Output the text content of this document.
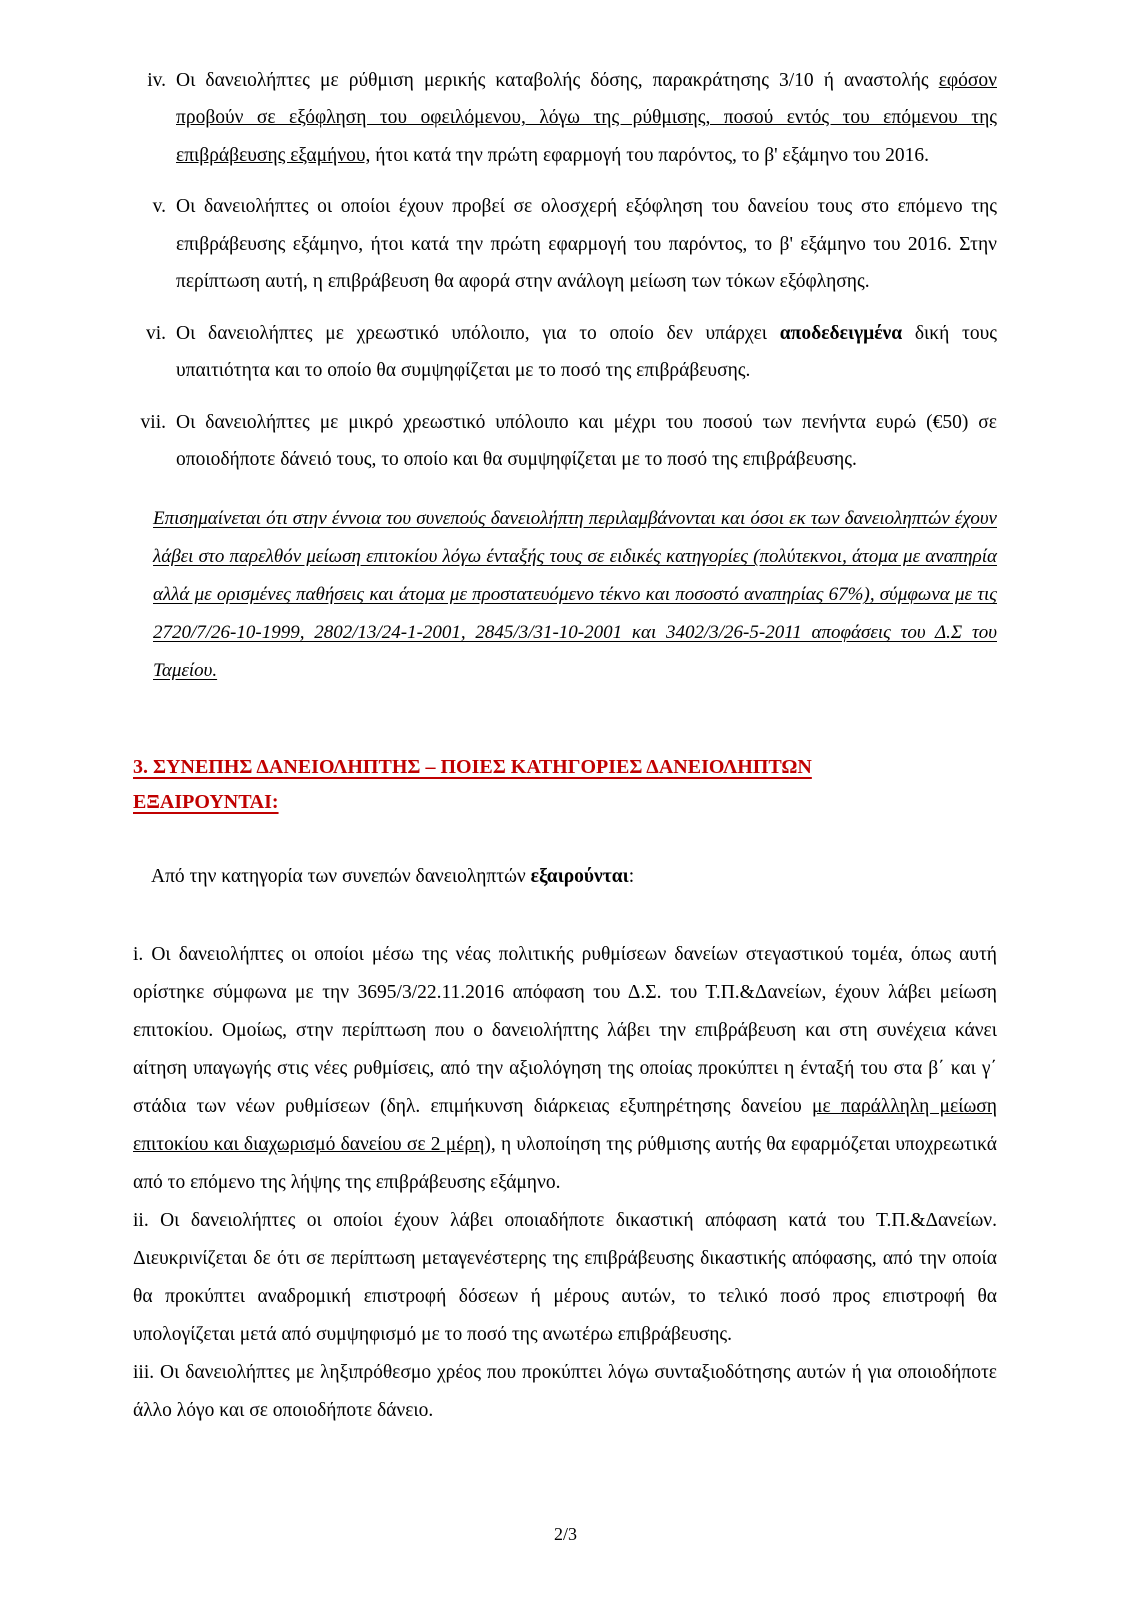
iv. Οι δανειολήπτες με ρύθμιση μερικής καταβολής δόσης, παρακράτησης 3/10 ή αναστολής εφόσον προβούν σε εξόφληση του οφειλόμενου, λόγω της ρύθμισης, ποσού εντός του επόμενου της επιβράβευσης εξαμήνου, ήτοι κατά την πρώτη εφαρμογή του παρόντος, το β' εξάμηνο του 2016.

v. Οι δανειολήπτες οι οποίοι έχουν προβεί σε ολοσχερή εξόφληση του δανείου τους στο επόμενο της επιβράβευσης εξάμηνο, ήτοι κατά την πρώτη εφαρμογή του παρόντος, το β' εξάμηνο του 2016. Στην περίπτωση αυτή, η επιβράβευση θα αφορά στην ανάλογη μείωση των τόκων εξόφλησης.

vi. Οι δανειολήπτες με χρεωστικό υπόλοιπο, για το οποίο δεν υπάρχει αποδεδειγμένα δική τους υπαιτιότητα και το οποίο θα συμψηφίζεται με το ποσό της επιβράβευσης.

vii. Οι δανειολήπτες με μικρό χρεωστικό υπόλοιπο και μέχρι του ποσού των πενήντα ευρώ (€50) σε οποιοδήποτε δάνειό τους, το οποίο και θα συμψηφίζεται με το ποσό της επιβράβευσης.

Επισημαίνεται ότι στην έννοια του συνεπούς δανειολήπτη περιλαμβάνονται και όσοι εκ των δανειοληπτών έχουν λάβει στο παρελθόν μείωση επιτοκίου λόγω ένταξής τους σε ειδικές κατηγορίες (πολύτεκνοι, άτομα με αναπηρία αλλά με ορισμένες παθήσεις και άτομα με προστατευόμενο τέκνο και ποσοστό αναπηρίας 67%), σύμφωνα με τις 2720/7/26-10-1999, 2802/13/24-1-2001, 2845/3/31-10-2001 και 3402/3/26-5-2011 αποφάσεις του Δ.Σ του Ταμείου.

3. ΣΥΝΕΠΗΣ ΔΑΝΕΙΟΛΗΠΤΗΣ – ΠΟΙΕΣ ΚΑΤΗΓΟΡΙΕΣ ΔΑΝΕΙΟΛΗΠΤΩΝ
ΕΞΑΙΡΟΥΝΤΑΙ:

Από την κατηγορία των συνεπών δανειοληπτών εξαιρούνται:

i. Οι δανειολήπτες οι οποίοι μέσω της νέας πολιτικής ρυθμίσεων δανείων στεγαστικού τομέα, όπως αυτή ορίστηκε σύμφωνα με την 3695/3/22.11.2016 απόφαση του Δ.Σ. του Τ.Π.&Δανείων, έχουν λάβει μείωση επιτοκίου. Ομοίως, στην περίπτωση που ο δανειολήπτης λάβει την επιβράβευση και στη συνέχεια κάνει αίτηση υπαγωγής στις νέες ρυθμίσεις, από την αξιολόγηση της οποίας προκύπτει η ένταξή του στα β΄ και γ΄ στάδια των νέων ρυθμίσεων (δηλ. επιμήκυνση διάρκειας εξυπηρέτησης δανείου με παράλληλη μείωση επιτοκίου και διαχωρισμό δανείου σε 2 μέρη), η υλοποίηση της ρύθμισης αυτής θα εφαρμόζεται υποχρεωτικά από το επόμενο της λήψης της επιβράβευσης εξάμηνο.

ii. Οι δανειολήπτες οι οποίοι έχουν λάβει οποιαδήποτε δικαστική απόφαση κατά του Τ.Π.&Δανείων. Διευκρινίζεται δε ότι σε περίπτωση μεταγενέστερης της επιβράβευσης δικαστικής απόφασης, από την οποία θα προκύπτει αναδρομική επιστροφή δόσεων ή μέρους αυτών, το τελικό ποσό προς επιστροφή θα υπολογίζεται μετά από συμψηφισμό με το ποσό της ανωτέρω επιβράβευσης.

iii. Οι δανειολήπτες με ληξιπρόθεσμο χρέος που προκύπτει λόγω συνταξιοδότησης αυτών ή για οποιοδήποτε άλλο λόγο και σε οποιοδήποτε δάνειο.

2/3
